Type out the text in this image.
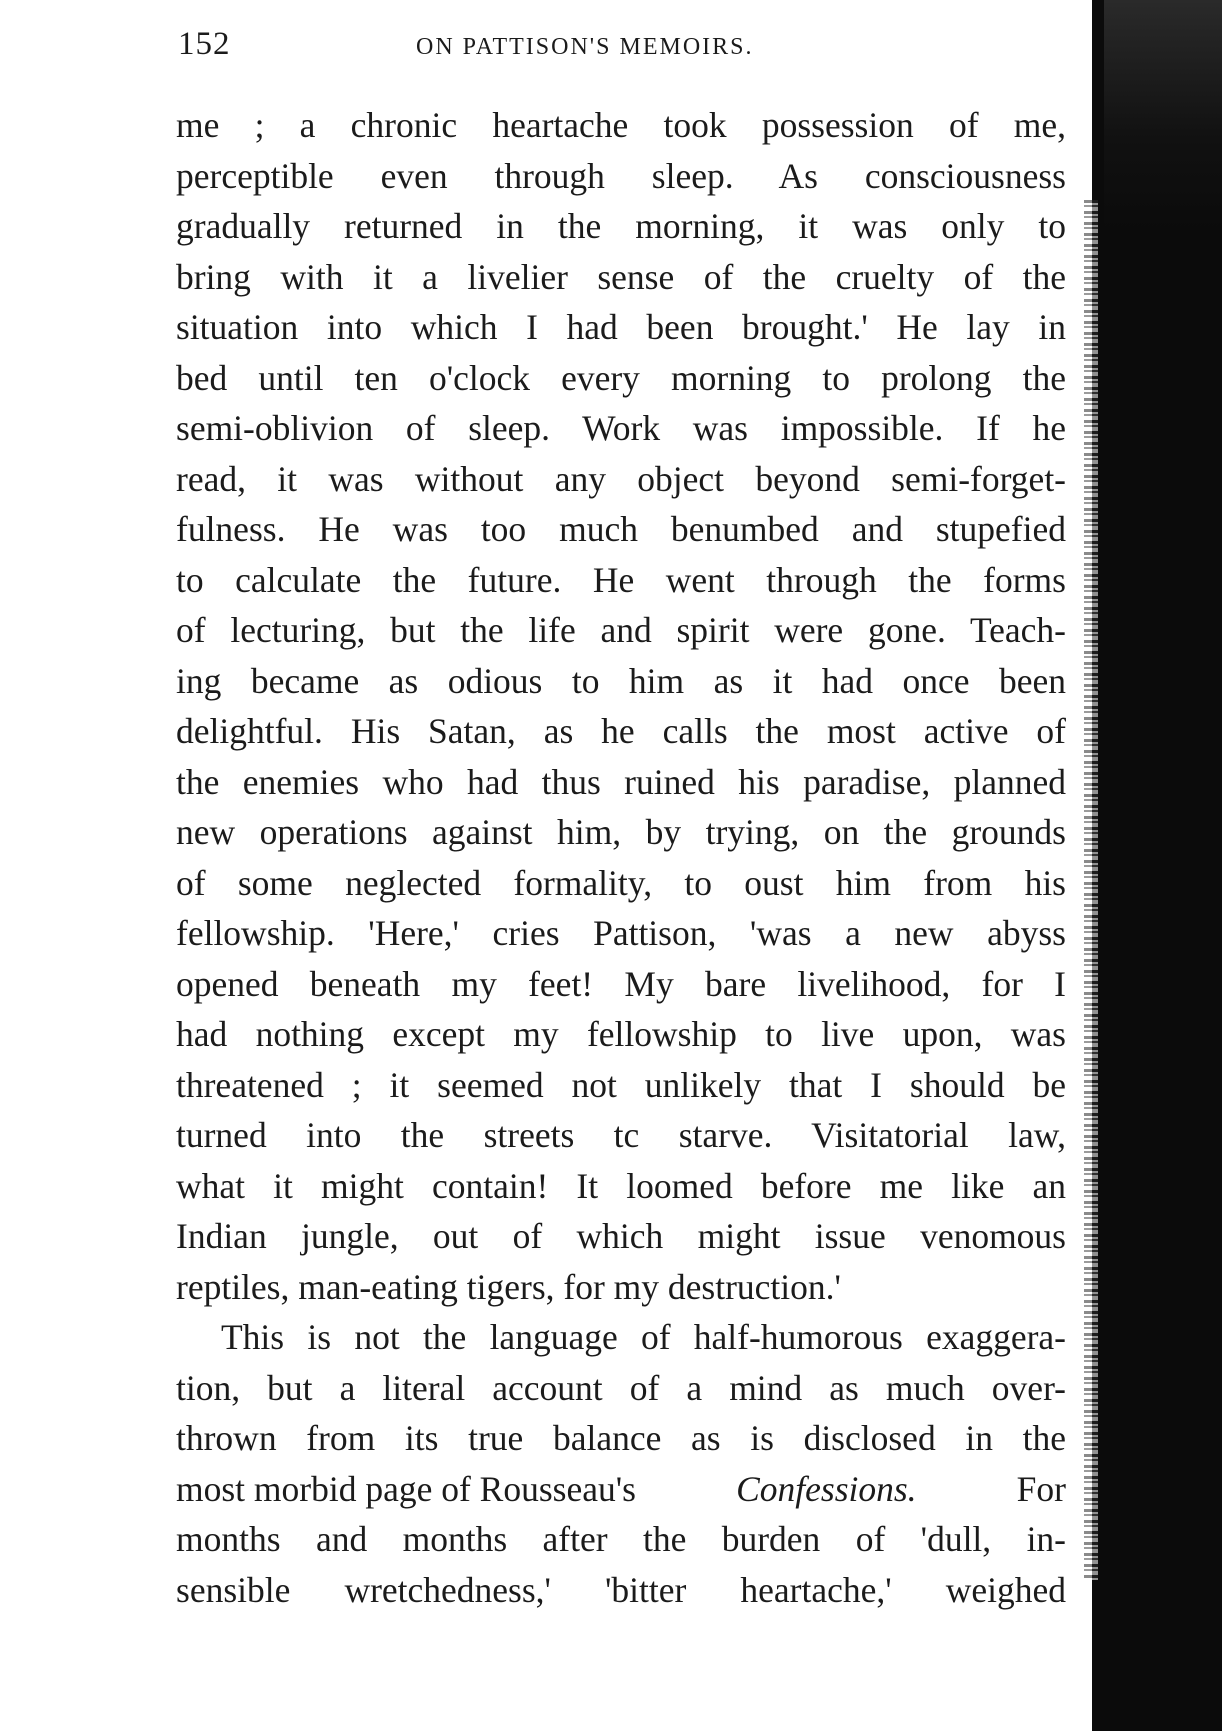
152	ON PATTISON'S MEMOIRS.
me ; a chronic heartache took possession of me,
perceptible even through sleep. As consciousness
gradually returned in the morning, it was only to
bring with it a livelier sense of the cruelty of the
situation into which I had been brought.' He lay in
bed until ten o'clock every morning to prolong the
semi-oblivion of sleep. Work was impossible. If he
read, it was without any object beyond semi-forget-
fulness. He was too much benumbed and stupefied
to calculate the future. He went through the forms
of lecturing, but the life and spirit were gone. Teach-
ing became as odious to him as it had once been
delightful. His Satan, as he calls the most active of
the enemies who had thus ruined his paradise, planned
new operations against him, by trying, on the grounds
of some neglected formality, to oust him from his
fellowship. 'Here,' cries Pattison, 'was a new abyss
opened beneath my feet! My bare livelihood, for I
had nothing except my fellowship to live upon, was
threatened ; it seemed not unlikely that I should be
turned into the streets tc starve. Visitatorial law,
what it might contain! It loomed before me like an
Indian jungle, out of which might issue venomous
reptiles, man-eating tigers, for my destruction.'
This is not the language of half-humorous exaggera-
tion, but a literal account of a mind as much over-
thrown from its true balance as is disclosed in the
most morbid page of Rousseau's	Confessions.	For
months and months after the burden of 'dull, in-
sensible wretchedness,' 'bitter heartache,' weighed
